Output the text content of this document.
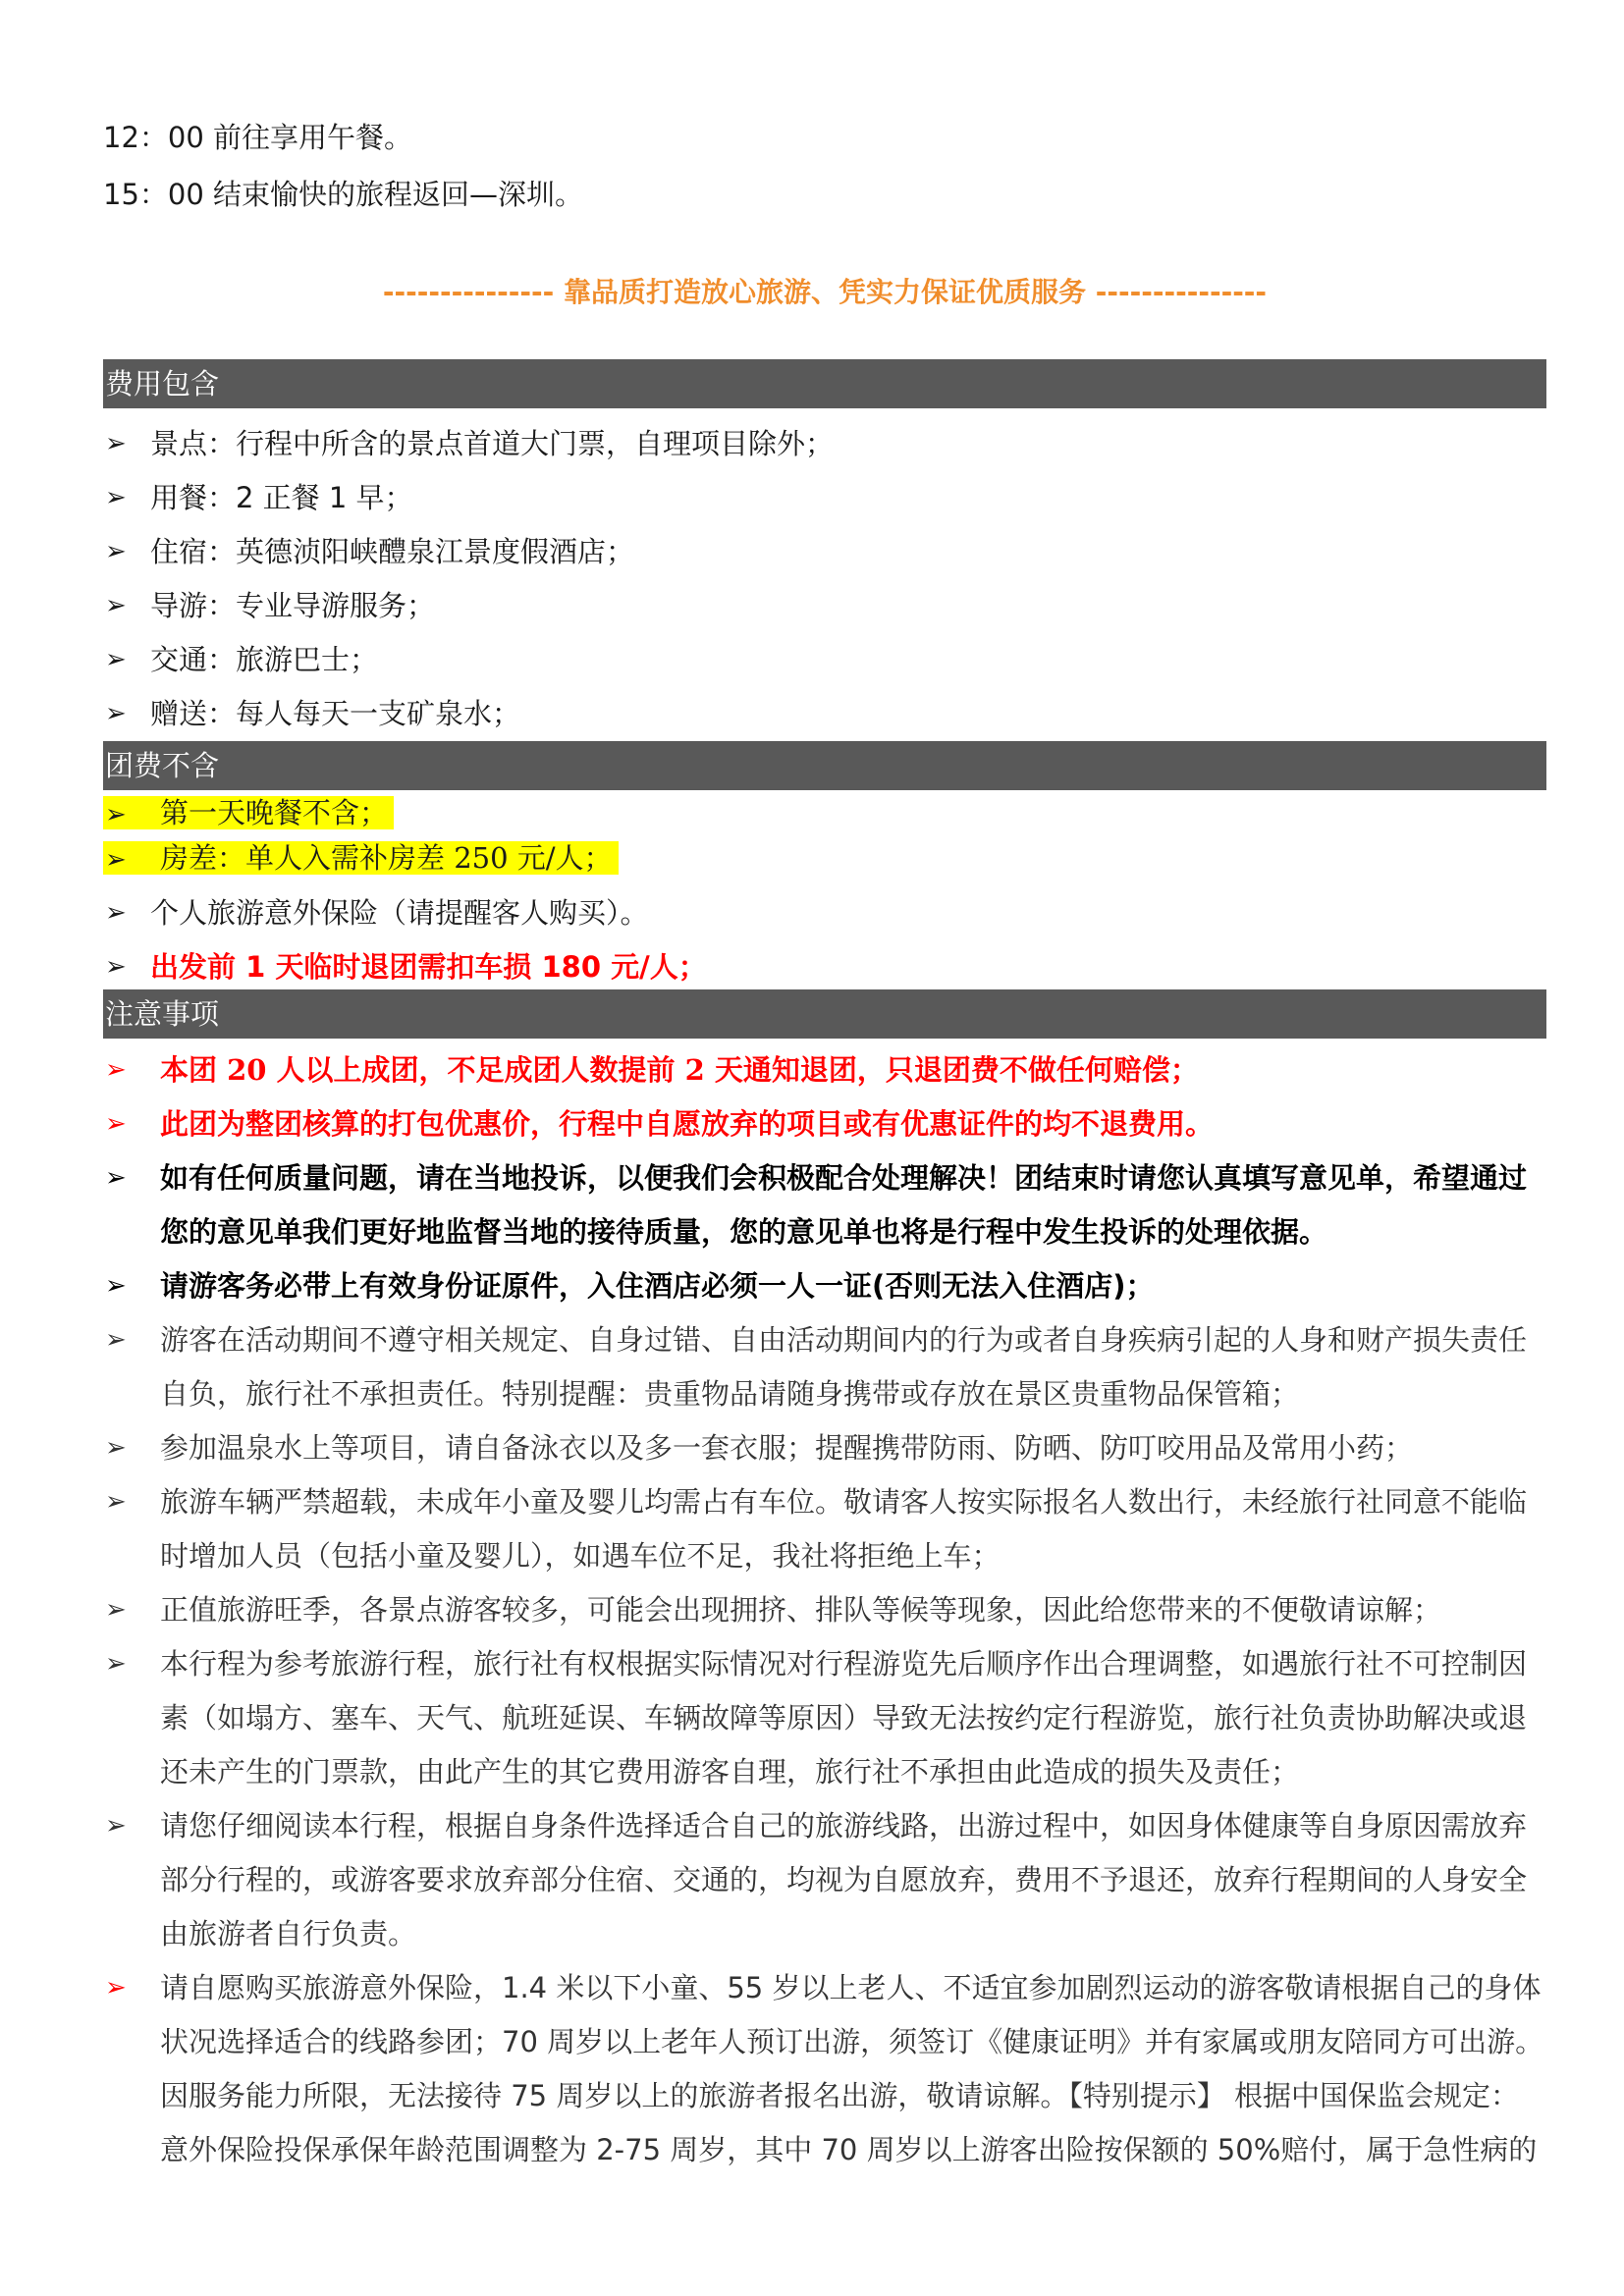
12：00 前往享用午餐。
15：00 结束愉快的旅程返回—深圳。
--------------- 靠品质打造放心旅游、凭实力保证优质服务 ---------------
费用包含
➢ 景点：行程中所含的景点首道大门票，自理项目除外；
➢ 用餐：2 正餐 1 早；
➢ 住宿：英德浈阳峡醴泉江景度假酒店；
➢ 导游：专业导游服务；
➢ 交通：旅游巴士；
➢ 赠送：每人每天一支矿泉水；
团费不含
➢ 第一天晚餐不含；
➢ 房差：单人入需补房差 250 元/人；
➢ 个人旅游意外保险（请提醒客人购买）。
➢ 出发前 1 天临时退团需扣车损 180 元/人；
注意事项
➢ 本团 20 人以上成团，不足成团人数提前 2 天通知退团，只退团费不做任何赔偿；
➢ 此团为整团核算的打包优惠价，行程中自愿放弃的项目或有优惠证件的均不退费用。
➢ 如有任何质量问题，请在当地投诉，以便我们会积极配合处理解决！团结束时请您认真填写意见单，希望通过您的意见单我们更好地监督当地的接待质量，您的意见单也将是行程中发生投诉的处理依据。
➢ 请游客务必带上有效身份证原件，入住酒店必须一人一证(否则无法入住酒店)；
➢ 游客在活动期间不遵守相关规定、自身过错、自由活动期间内的行为或者自身疾病引起的人身和财产损失责任自负，旅行社不承担责任。特别提醒：贵重物品请随身携带或存放在景区贵重物品保管箱；
➢ 参加温泉水上等项目，请自备泳衣以及多一套衣服；提醒携带防雨、防晒、防叮咬用品及常用小药；
➢ 旅游车辆严禁超载，未成年小童及婴儿均需占有车位。敬请客人按实际报名人数出行，未经旅行社同意不能临时增加人员（包括小童及婴儿），如遇车位不足，我社将拒绝上车；
➢ 正值旅游旺季，各景点游客较多，可能会出现拥挤、排队等候等现象，因此给您带来的不便敬请谅解；
➢ 本行程为参考旅游行程，旅行社有权根据实际情况对行程游览先后顺序作出合理调整，如遇旅行社不可控制因素（如塌方、塞车、天气、航班延误、车辆故障等原因）导致无法按约定行程游览，旅行社负责协助解决或退还未产生的门票款，由此产生的其它费用游客自理，旅行社不承担由此造成的损失及责任；
➢ 请您仔细阅读本行程，根据自身条件选择适合自己的旅游线路，出游过程中，如因身体健康等自身原因需放弃部分行程的，或游客要求放弃部分住宿、交通的，均视为自愿放弃，费用不予退还，放弃行程期间的人身安全由旅游者自行负责。
➢ 请自愿购买旅游意外保险，1.4 米以下小童、55 岁以上老人、不适宜参加剧烈运动的游客敬请根据自己的身体状况选择适合的线路参团；70 周岁以上老年人预订出游，须签订《健康证明》并有家属或朋友陪同方可出游。因服务能力所限，无法接待 75 周岁以上的旅游者报名出游，敬请谅解。【特别提示】 根据中国保监会规定：意外保险投保承保年龄范围调整为 2-75 周岁，其中 70 周岁以上游客出险按保额的 50%赔付，属于急性病的
